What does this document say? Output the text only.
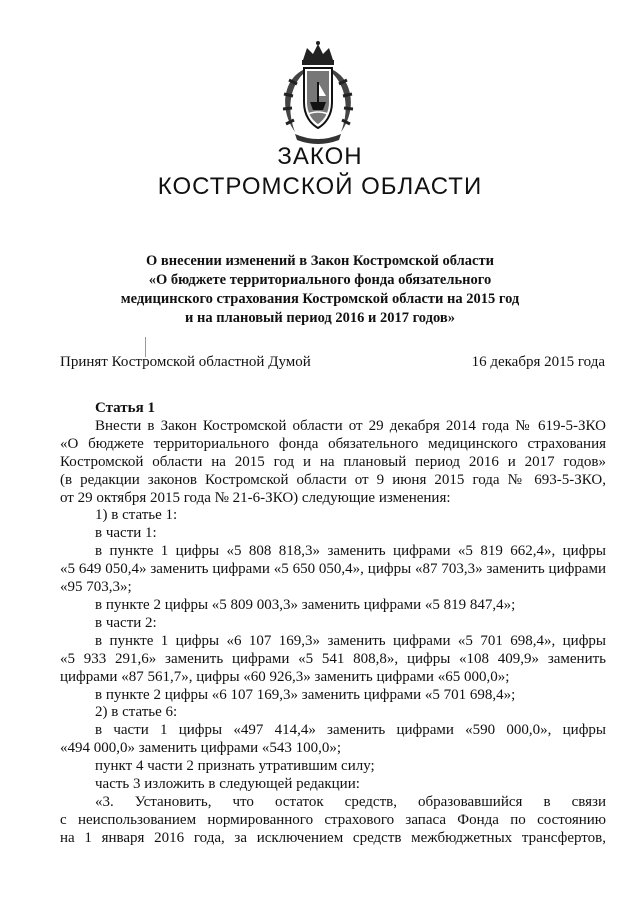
ЗАКОН
КОСТРОМСКОЙ ОБЛАСТИ
О внесении изменений в Закон Костромской области
«О бюджете территориального фонда обязательного
медицинского страхования Костромской области на 2015 год
и на плановый период 2016 и 2017 годов»
Принят Костромской областной Думой	16 декабря 2015 года

Статья 1

Внести в Закон Костромской области от 29 декабря 2014 года № 619-5-ЗКО

«О бюджете территориального фонда обязательного медицинского страхования

Костромской области на 2015 год и на плановый период 2016 и 2017 годов»

(в редакции законов Костромской области от 9 июня 2015 года № 693-5-ЗКО,

от 29 октября 2015 года № 21-6-ЗКО) следующие изменения:

1) в статье 1:

в части 1:

в пункте 1 цифры «5 808 818,3» заменить цифрами «5 819 662,4», цифры

«5 649 050,4» заменить цифрами «5 650 050,4», цифры «87 703,3» заменить цифрами

«95 703,3»;

в пункте 2 цифры «5 809 003,3» заменить цифрами «5 819 847,4»;

в части 2:

в пункте 1 цифры «6 107 169,3» заменить цифрами «5 701 698,4», цифры

«5 933 291,6» заменить цифрами «5 541 808,8», цифры «108 409,9» заменить

цифрами «87 561,7», цифры «60 926,3» заменить цифрами «65 000,0»;

в пункте 2 цифры «6 107 169,3» заменить цифрами «5 701 698,4»;

2) в статье 6:

в части 1 цифры «497 414,4» заменить цифрами «590 000,0», цифры

«494 000,0» заменить цифрами «543 100,0»;

пункт 4 части 2 признать утратившим силу;

часть 3 изложить в следующей редакции:

«3. Установить, что остаток средств, образовавшийся в связи

с неиспользованием нормированного страхового запаса Фонда по состоянию

на 1 января 2016 года, за исключением средств межбюджетных трансфертов,
